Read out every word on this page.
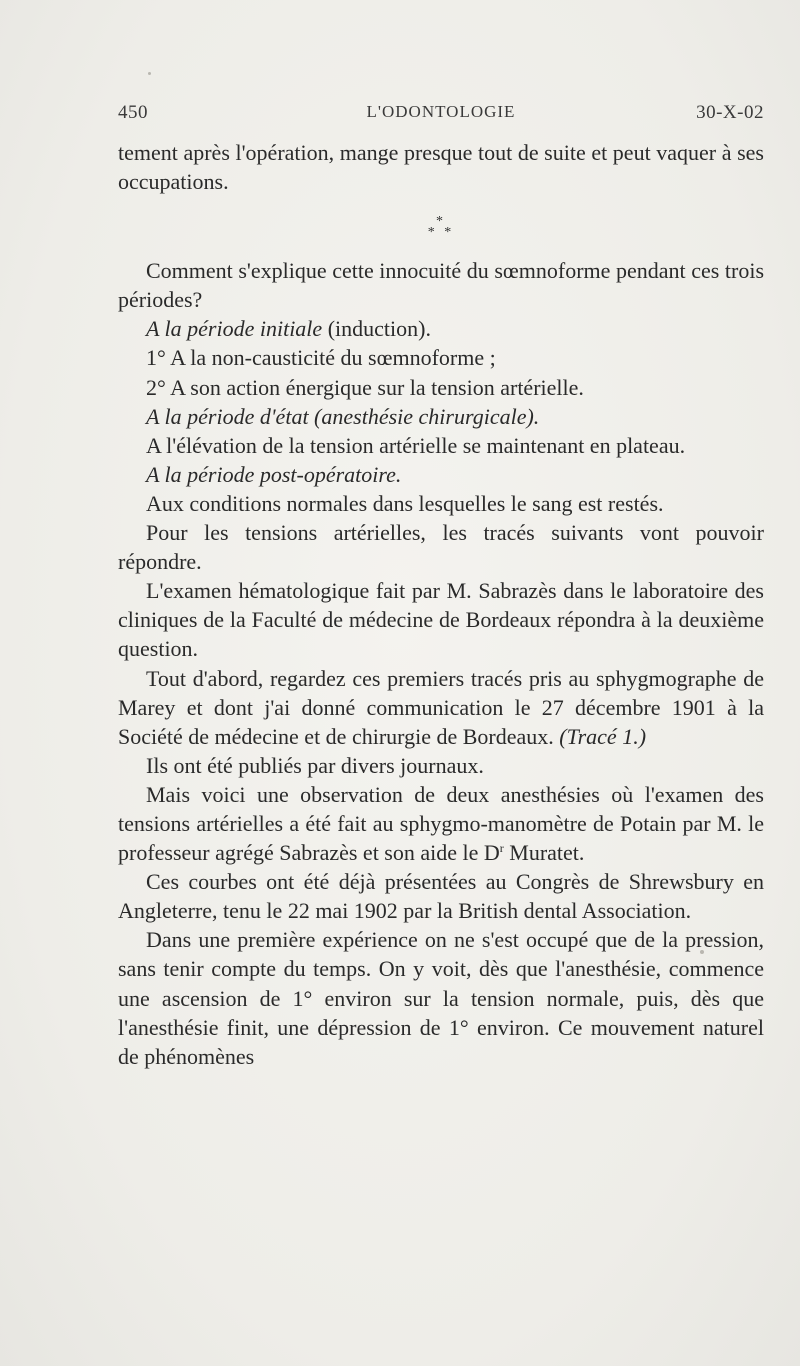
450	L'ODONTOLOGIE	30-X-02

tement après l'opération, mange presque tout de suite et peut vaquer à ses occupations.

*
* *

Comment s'explique cette innocuité du sœmnoforme pendant ces trois périodes?

A la période initiale (induction).

1° A la non-causticité du sœmnoforme ;

2° A son action énergique sur la tension artérielle.

A la période d'état (anesthésie chirurgicale).

A l'élévation de la tension artérielle se maintenant en plateau.

A la période post-opératoire.

Aux conditions normales dans lesquelles le sang est restés.

Pour les tensions artérielles, les tracés suivants vont pouvoir répondre.

L'examen hématologique fait par M. Sabrazès dans le laboratoire des cliniques de la Faculté de médecine de Bordeaux répondra à la deuxième question.

Tout d'abord, regardez ces premiers tracés pris au sphygmographe de Marey et dont j'ai donné communication le 27 décembre 1901 à la Société de médecine et de chirurgie de Bordeaux. (Tracé 1.)

Ils ont été publiés par divers journaux.

Mais voici une observation de deux anesthésies où l'examen des tensions artérielles a été fait au sphygmo-manomètre de Potain par M. le professeur agrégé Sabrazès et son aide le $D^r$ Muratet.

Ces courbes ont été déjà présentées au Congrès de Shrewsbury en Angleterre, tenu le 22 mai 1902 par la British dental Association.

Dans une première expérience on ne s'est occupé que de la pression, sans tenir compte du temps. On y voit, dès que l'anesthésie, commence une ascension de 1° environ sur la tension normale, puis, dès que l'anesthésie finit, une dépression de 1° environ. Ce mouvement naturel de phénomènes
